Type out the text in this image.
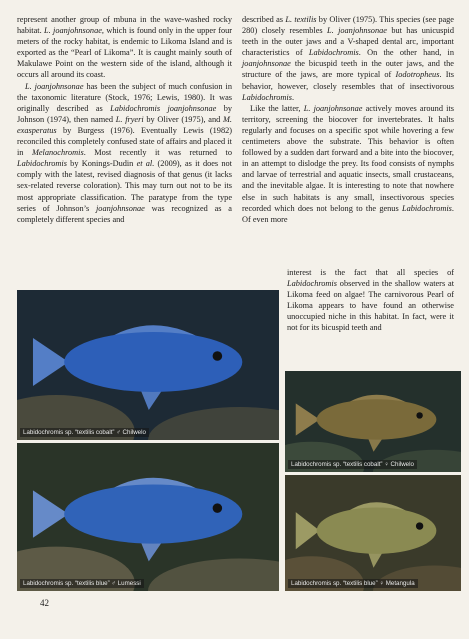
represent another group of mbuna in the wave-washed rocky habitat. L. joanjohnsonae, which is found only in the upper four meters of the rocky habitat, is endemic to Likoma Island and is exported as the “Pearl of Likoma”. It is caught mainly south of Makulawe Point on the western side of the island, although it occurs all around its coast.

L. joanjohnsonae has been the subject of much confusion in the taxonomic literature (Stock, 1976; Lewis, 1980). It was originally described as Labidochromis joanjohnsonae by Johnson (1974), then named L. fryeri by Oliver (1975), and M. exasperatus by Burgess (1976). Eventually Lewis (1982) reconciled this completely confused state of affairs and placed it in Melanochromis. Most recently it was returned to Labidochromis by Konings-Dudin et al. (2009), as it does not comply with the latest, revised diagnosis of that genus (it lacks sex-related reverse coloration). This may turn out not to be its most appropriate classification. The paratype from the type series of Johnson’s joanjohnsonae was recognized as a completely different species and

described as L. textilis by Oliver (1975). This species (see page 280) closely resembles L. joanjohnsonae but has unicuspid teeth in the outer jaws and a V-shaped dental arc, important characteristics of Labidochromis. On the other hand, in joanjohnsonae the bicuspid teeth in the outer jaws, and the structure of the jaws, are more typical of Iodotropheus. Its behavior, however, closely resembles that of insectivorous Labidochromis.

Like the latter, L. joanjohnsonae actively moves around its territory, screening the biocover for invertebrates. It halts regularly and focuses on a specific spot while hovering a few centimeters above the substrate. This behavior is often followed by a sudden dart forward and a bite into the biocover, in an attempt to dislodge the prey. Its food consists of nymphs and larvae of terrestrial and aquatic insects, small crustaceans, and the inevitable algae. It is interesting to note that nowhere else in such habitats is any small, insectivorous species recorded which does not belong to the genus Labidochromis. Of even more

interest is the fact that all species of Labidochromis observed in the shallow waters at Likoma feed on algae! The carnivorous Pearl of Likoma appears to have found an otherwise unoccupied niche in this habitat. In fact, were it not for its bicuspid teeth and

Labidochromis sp. “textilis cobalt” ♂ Chilwelo
Labidochromis sp. “textilis blue” ♂ Lumessi
Labidochromis sp. “textilis cobalt” ♀ Chilwelo
Labidochromis sp. “textilis blue” ♀ Metangula
42
